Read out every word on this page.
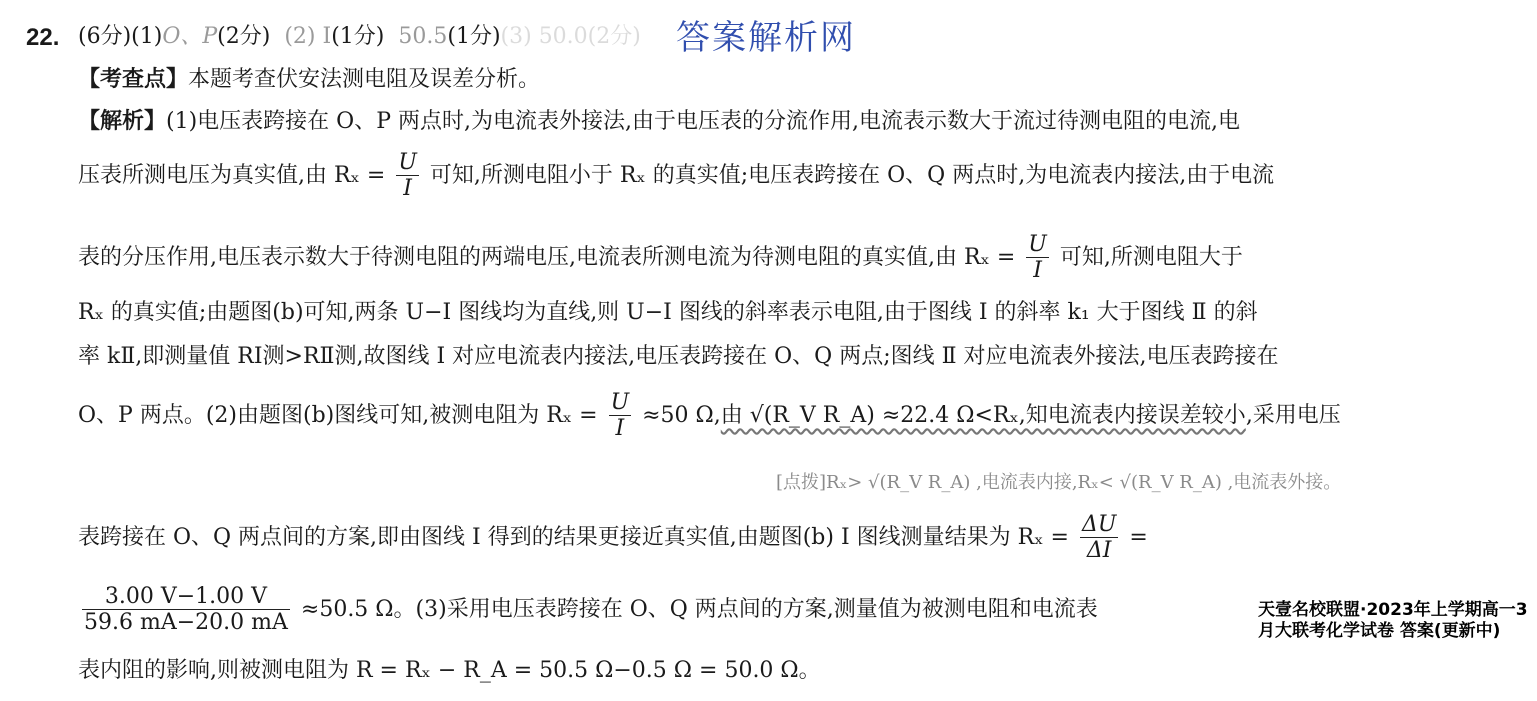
22. (6分)(1)O、P(2分) (2) Ⅰ(1分) 50.5(1分)(3) 50.0(2分) 答案解析网
【考查点】本题考查伏安法测电阻及误差分析。
【解析】(1)电压表跨接在 O、P 两点时,为电流表外接法,由于电压表的分流作用,电流表示数大于流过待测电阻的电流,电
压表所测电压为真实值,由 $R_x = \frac{U}{I}$ 可知,所测电阻小于 Rₓ 的真实值;电压表跨接在 O、Q 两点时,为电流表内接法,由于电流
表的分压作用,电压表示数大于待测电阻的两端电压,电流表所测电流为待测电阻的真实值,由 $R_x = \frac{U}{I}$ 可知,所测电阻大于
Rₓ 的真实值;由题图(b)可知,两条 U−I 图线均为直线,则 U−I 图线的斜率表示电阻,由于图线 Ⅰ 的斜率 k₁ 大于图线 Ⅱ 的斜
率 kⅡ,即测量值 RⅠ测>RⅡ测,故图线 Ⅰ 对应电流表内接法,电压表跨接在 O、Q 两点;图线 Ⅱ 对应电流表外接法,电压表跨接在
O、P 两点。(2)由题图(b)图线可知,被测电阻为 $R_x = \frac{U}{I} \approx 50$ Ω,由 √(R_V R_A) ≈22.4 Ω<Rₓ,知电流表内接误差较小,采用电压
[点拨]Rₓ> √(R_V R_A) ,电流表内接,Rₓ< √(R_V R_A) ,电流表外接。
表跨接在 O、Q 两点间的方案,即由图线 Ⅰ 得到的结果更接近真实值,由题图(b) Ⅰ 图线测量结果为 $R_x = \frac{\Delta U}{\Delta I}$ =
$\frac{3.00 V-1.00 V}{59.6 mA-20.0 mA} \approx 50.5$ Ω。(3)采用电压表跨接在 O、Q 两点间的方案,测量值为被测电阻和电流表
表内阻的影响,则被测电阻为 R = Rₓ − R_A = 50.5 Ω−0.5 Ω = 50.0 Ω。
天壹名校联盟·2023年上学期高一3月大联考化学试卷 答案(更新中)
